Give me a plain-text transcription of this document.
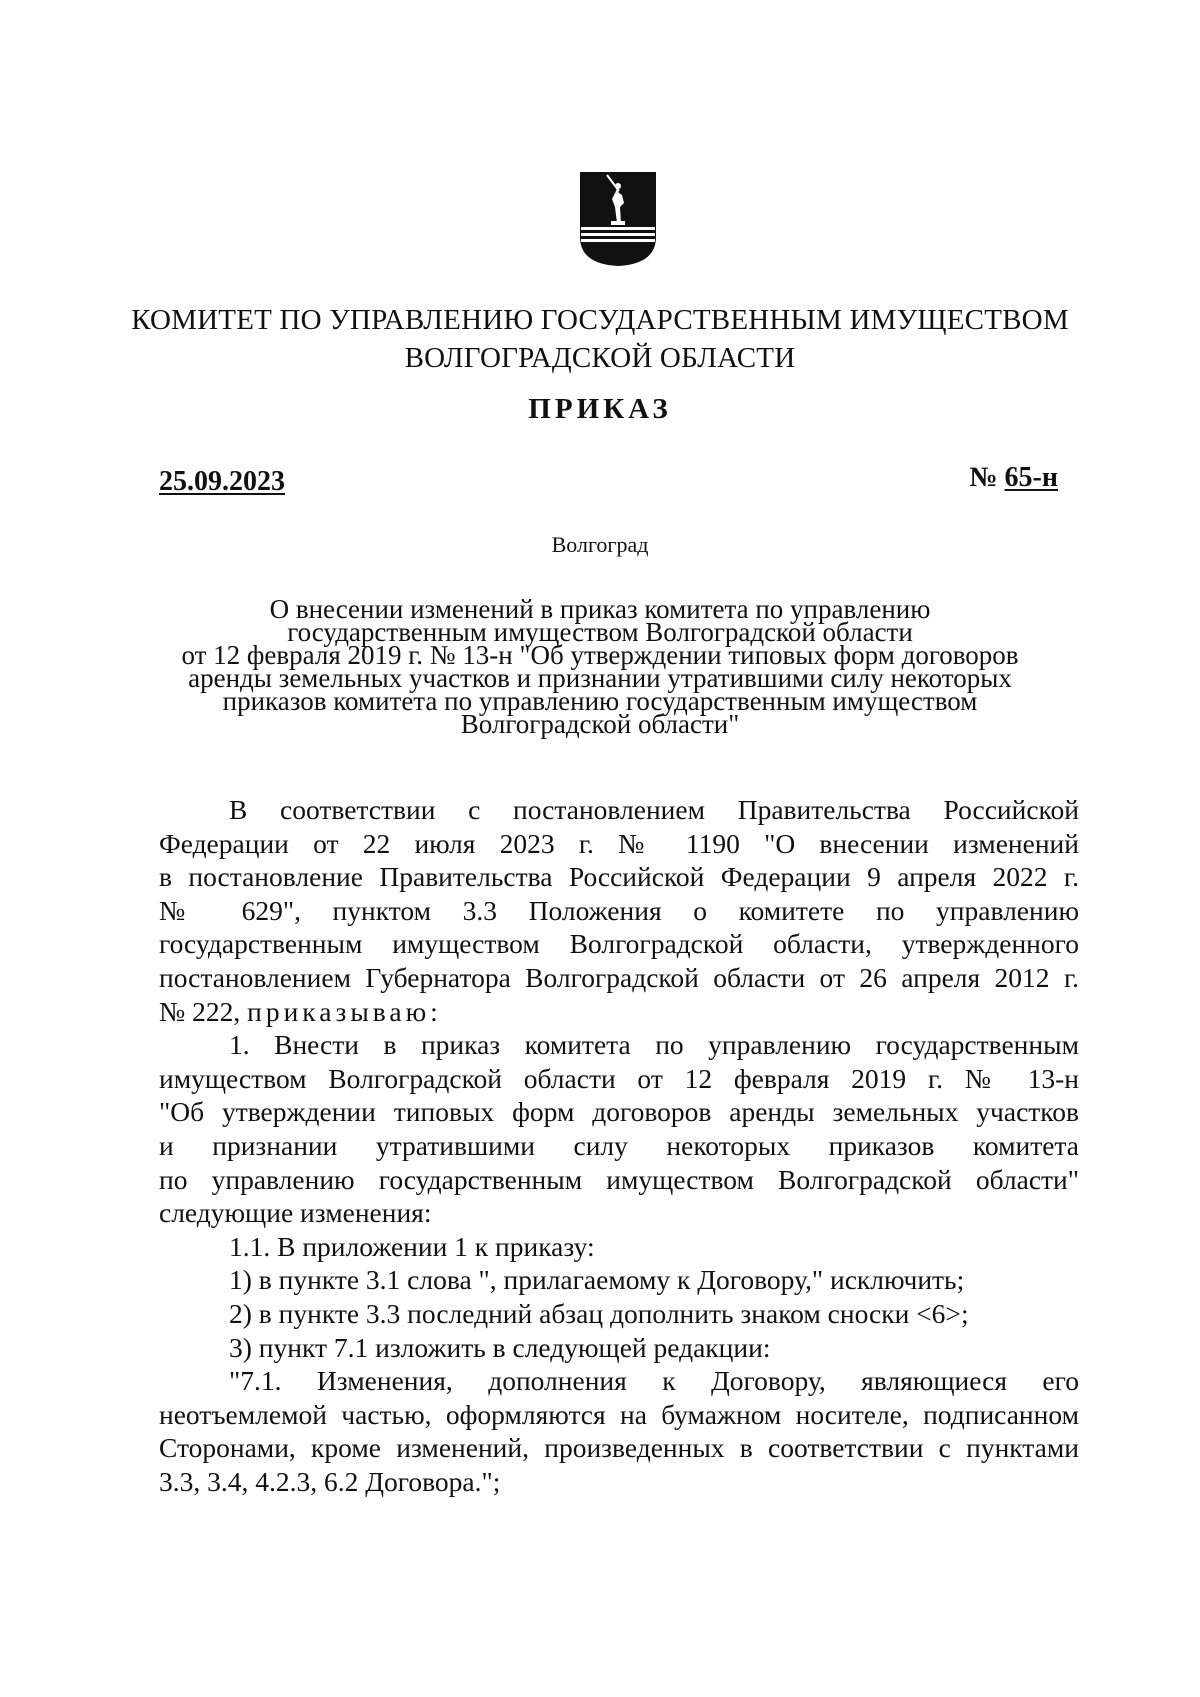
КОМИТЕТ ПО УПРАВЛЕНИЮ ГОСУДАРСТВЕННЫМ ИМУЩЕСТВОМ
ВОЛГОГРАДСКОЙ ОБЛАСТИ
ПРИКАЗ
25.09.2023	№ 65-н
Волгоград
О внесении изменений в приказ комитета по управлению
государственным имуществом Волгоградской области
от 12 февраля 2019 г. № 13-н "Об утверждении типовых форм договоров
аренды земельных участков и признании утратившими силу некоторых
приказов комитета по управлению государственным имуществом
Волгоградской области"
В соответствии с постановлением Правительства Российской
Федерации от 22 июля 2023 г. № 1190 "О внесении изменений
в постановление Правительства Российской Федерации 9 апреля 2022 г.
№ 629", пунктом 3.3 Положения о комитете по управлению
государственным имуществом Волгоградской области, утвержденного
постановлением Губернатора Волгоградской области от 26 апреля 2012 г.
№ 222, приказываю:
1. Внести в приказ комитета по управлению государственным
имуществом Волгоградской области от 12 февраля 2019 г. № 13-н
"Об утверждении типовых форм договоров аренды земельных участков
и признании утратившими силу некоторых приказов комитета
по управлению государственным имуществом Волгоградской области"
следующие изменения:
1.1. В приложении 1 к приказу:
1) в пункте 3.1 слова ", прилагаемому к Договору," исключить;
2) в пункте 3.3 последний абзац дополнить знаком сноски <6>;
3) пункт 7.1 изложить в следующей редакции:
"7.1. Изменения, дополнения к Договору, являющиеся его
неотъемлемой частью, оформляются на бумажном носителе, подписанном
Сторонами, кроме изменений, произведенных в соответствии с пунктами
3.3, 3.4, 4.2.3, 6.2 Договора.";
